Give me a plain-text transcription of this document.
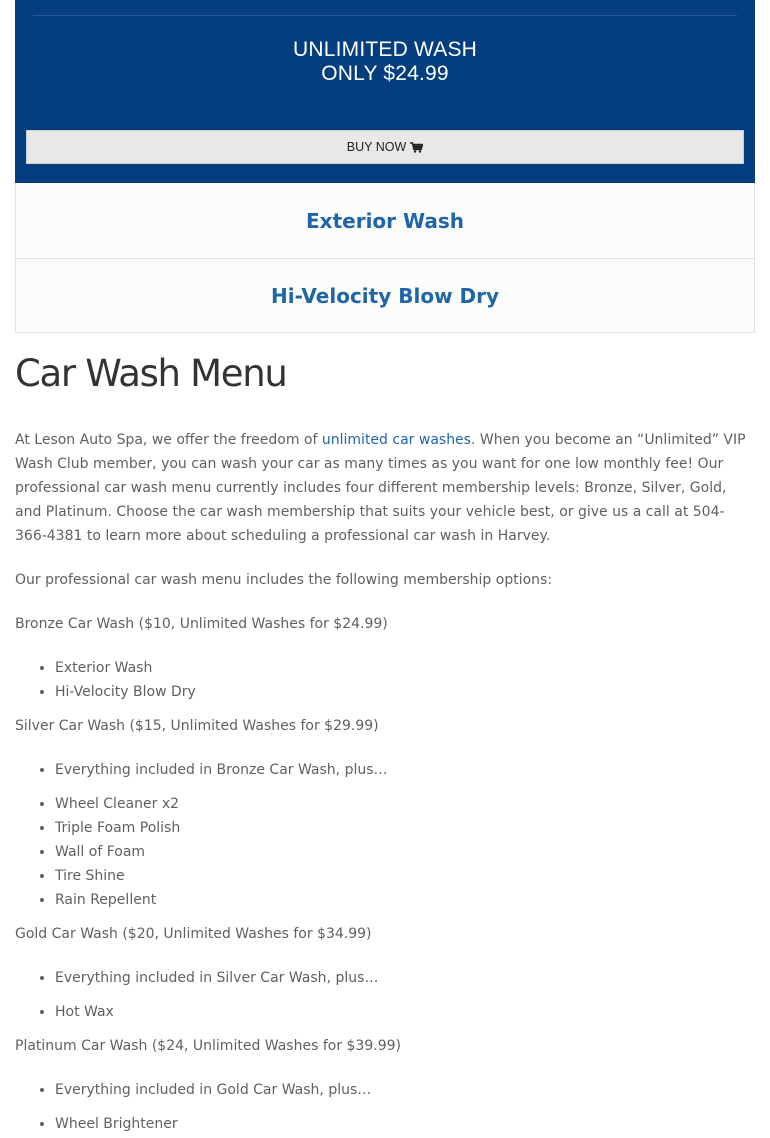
UNLIMITED WASH
ONLY $24.99
BUY NOW
Exterior Wash
Hi-Velocity Blow Dry
Car Wash Menu

At Leson Auto Spa, we offer the freedom of unlimited car washes. When you become an “Unlimited” VIP Wash Club member, you can wash your car as many times as you want for one low monthly fee! Our professional car wash menu currently includes four different membership levels: Bronze, Silver, Gold, and Platinum. Choose the car wash membership that suits your vehicle best, or give us a call at 504-366-4381 to learn more about scheduling a professional car wash in Harvey.

Our professional car wash menu includes the following membership options:

Bronze Car Wash ($10, Unlimited Washes for $24.99)

• Exterior Wash
• Hi-Velocity Blow Dry

Silver Car Wash ($15, Unlimited Washes for $29.99)

• Everything included in Bronze Car Wash, plus…
• Wheel Cleaner x2
• Triple Foam Polish
• Wall of Foam
• Tire Shine
• Rain Repellent

Gold Car Wash ($20, Unlimited Washes for $34.99)

• Everything included in Silver Car Wash, plus…
• Hot Wax

Platinum Car Wash ($24, Unlimited Washes for $39.99)

• Everything included in Gold Car Wash, plus…
• Wheel Brightener
